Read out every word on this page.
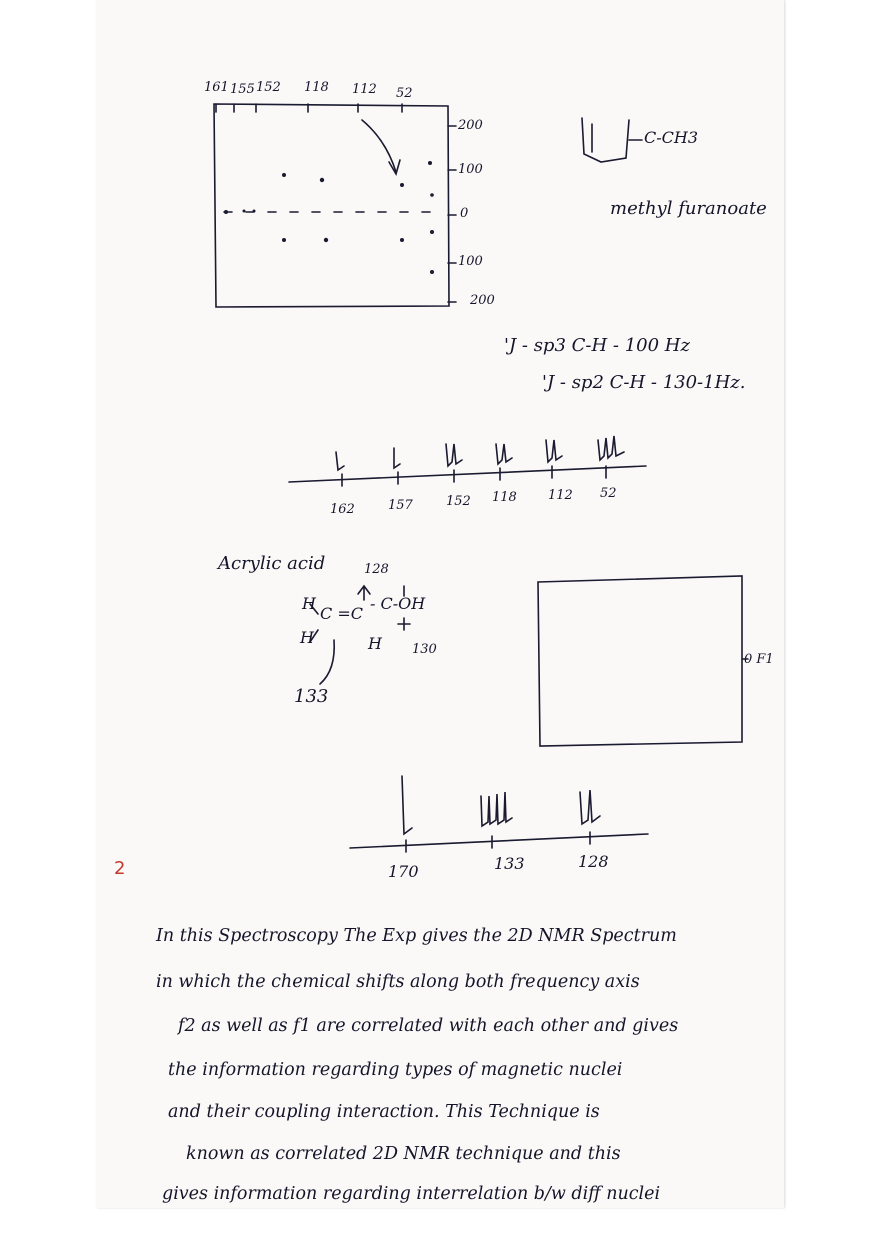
161 155 152 118 112 52
200
100
0
100
200
C-CH3
methyl furanoate
'J - sp3 C-H - 100 Hz
'J - sp2 C-H - 130-1Hz.
162	157	152 118 112 52
Acrylic acid	128
H
H
C =C
- C-OH
H 130
133
0 F1
170	133	128
2
In this Spectroscopy The Exp gives the 2D NMR Spectrum
in which the chemical shifts along both frequency axis
f2 as well as f1 are correlated with each other and gives
the information regarding types of magnetic nuclei
and their coupling interaction. This Technique is
known as correlated 2D NMR technique and this
gives information regarding interrelation b/w diff nuclei
